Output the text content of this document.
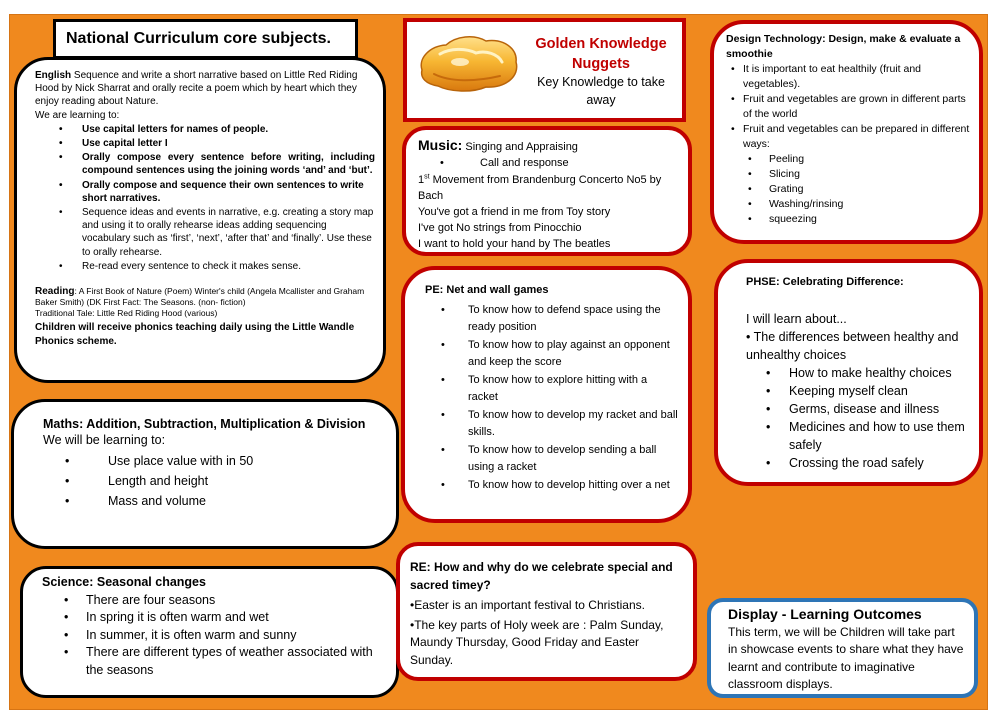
National Curriculum core subjects.

English Sequence and write a short narrative based on Little Red Riding Hood by Nick Sharrat and orally recite a poem which by heart which they enjoy reading about Nature.

We are learning to:

• Use capital letters for names of people.
• Use capital letter I
• Orally compose every sentence before writing, including compound sentences using the joining words ‘and’ and ‘but’.
• Orally compose and sequence their own sentences to write short narratives.
• Sequence ideas and events in narrative, e.g. creating a story map and using it to orally rehearse ideas adding sequencing vocabulary such as ‘first’, ‘next’, ‘after that’ and ‘finally’. Use these to orally rehearse.
• Re-read every sentence to check it makes sense.

Reading: A First Book of Nature (Poem) Winter's child (Angela Mcallister and Graham Baker Smith) (DK First Fact: The Seasons. (non- fiction)
Traditional Tale: Little Red Riding Hood (various)

Children will receive phonics teaching daily using the Little Wandle Phonics scheme.

Maths: Addition, Subtraction, Multiplication & Division

We will be learning to:

• Use place value with in 50
• Length and height
• Mass and volume

Science: Seasonal changes

• There are four seasons
• In spring it is often warm and wet
• In summer, it is often warm and sunny
• There are different types of weather associated with the seasons
Golden Knowledge Nuggets
Key Knowledge to take away

Music: Singing and Appraising

• Call and response

1st Movement from Brandenburg Concerto No5 by Bach

You've got a friend in me from Toy story

I've got No strings from Pinocchio

I want to hold your hand by The beatles

PE: Net and wall games

• To know how to defend space using the ready position
• To know how to play against an opponent and keep the score
• To know how to explore hitting with a racket
• To know how to develop my racket and ball skills.
• To know how to develop sending a ball using a racket
• To know how to develop hitting over a net

RE: How and why do we celebrate special and sacred timey?

•Easter is an important festival to Christians.

•The key parts of Holy week are : Palm Sunday, Maundy Thursday, Good Friday and Easter Sunday.

Design Technology: Design, make & evaluate a smoothie

• It is important to eat healthily (fruit and vegetables).
• Fruit and vegetables are grown in different parts of the world
• Fruit and vegetables can be prepared in different ways:
• Peeling
• Slicing
• Grating
• Washing/rinsing
• squeezing

PHSE: Celebrating Difference:

I will learn about...

• The differences between healthy and unhealthy choices

• How to make healthy choices
• Keeping myself clean
• Germs, disease and illness
• Medicines and how to use them safely
• Crossing the road safely

Display - Learning Outcomes

This term, we will be Children will take part in showcase events to share what they have learnt and contribute to imaginative classroom displays.
